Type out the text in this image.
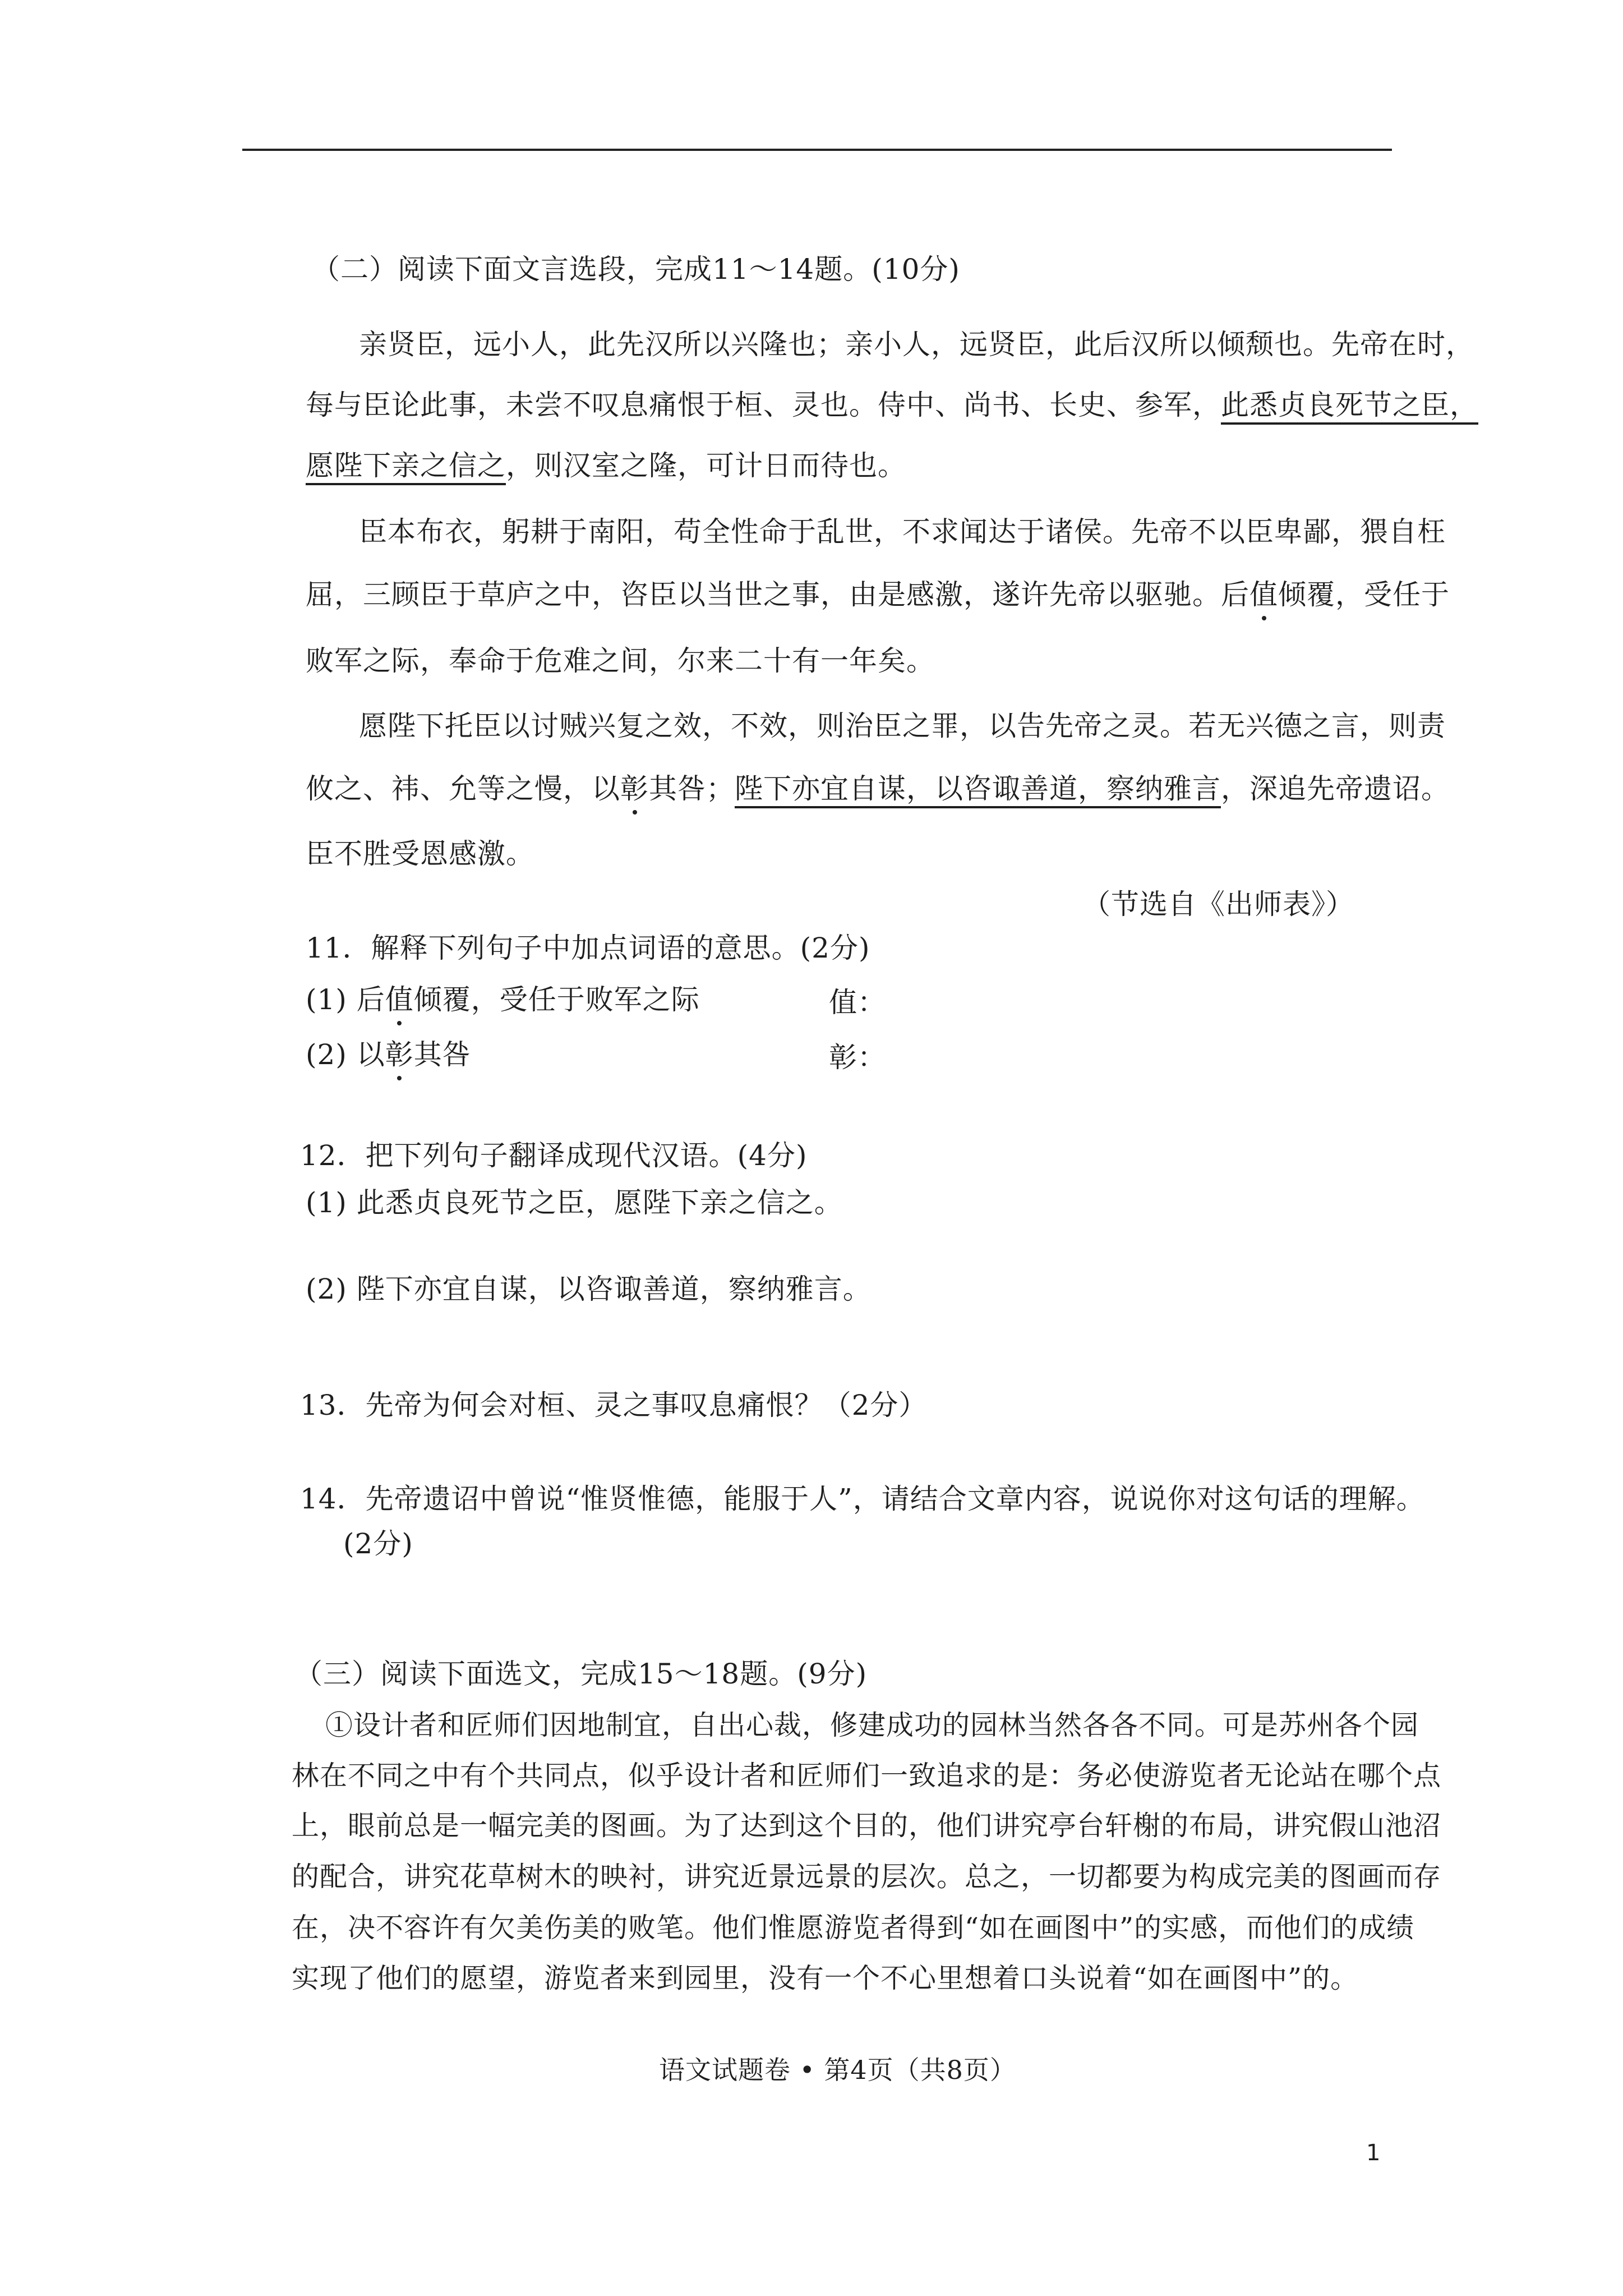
（二）阅读下面文言选段，完成11～14题。(10分)
亲贤臣，远小人，此先汉所以兴隆也；亲小人，远贤臣，此后汉所以倾颓也。先帝在时，
每与臣论此事，未尝不叹息痛恨于桓、灵也。侍中、尚书、长史、参军，此悉贞良死节之臣，
愿陛下亲之信之，则汉室之隆，可计日而待也。
臣本布衣，躬耕于南阳，苟全性命于乱世，不求闻达于诸侯。先帝不以臣卑鄙，猥自枉
屈，三顾臣于草庐之中，咨臣以当世之事，由是感激，遂许先帝以驱驰。后值倾覆，受任于
败军之际，奉命于危难之间，尔来二十有一年矣。
愿陛下托臣以讨贼兴复之效，不效，则治臣之罪，以告先帝之灵。若无兴德之言，则责
攸之、祎、允等之慢，以彰其咎；陛下亦宜自谋，以咨诹善道，察纳雅言，深追先帝遗诏。
臣不胜受恩感激。
（节选自《出师表》）
11．解释下列句子中加点词语的意思。(2分)
(1) 后值倾覆，受任于败军之际	值：
(2) 以彰其咎	彰：
12．把下列句子翻译成现代汉语。(4分)
(1) 此悉贞良死节之臣，愿陛下亲之信之。
(2) 陛下亦宜自谋，以咨诹善道，察纳雅言。
13．先帝为何会对桓、灵之事叹息痛恨？（2分）
14．先帝遗诏中曾说“惟贤惟德，能服于人”，请结合文章内容，说说你对这句话的理解。
(2分)
（三）阅读下面选文，完成15～18题。(9分)
①设计者和匠师们因地制宜，自出心裁，修建成功的园林当然各各不同。可是苏州各个园
林在不同之中有个共同点，似乎设计者和匠师们一致追求的是：务必使游览者无论站在哪个点
上，眼前总是一幅完美的图画。为了达到这个目的，他们讲究亭台轩榭的布局，讲究假山池沼
的配合，讲究花草树木的映衬，讲究近景远景的层次。总之，一切都要为构成完美的图画而存
在，决不容许有欠美伤美的败笔。他们惟愿游览者得到“如在画图中”的实感，而他们的成绩
实现了他们的愿望，游览者来到园里，没有一个不心里想着口头说着“如在画图中”的。
语文试题卷 • 第4页（共8页）
1
